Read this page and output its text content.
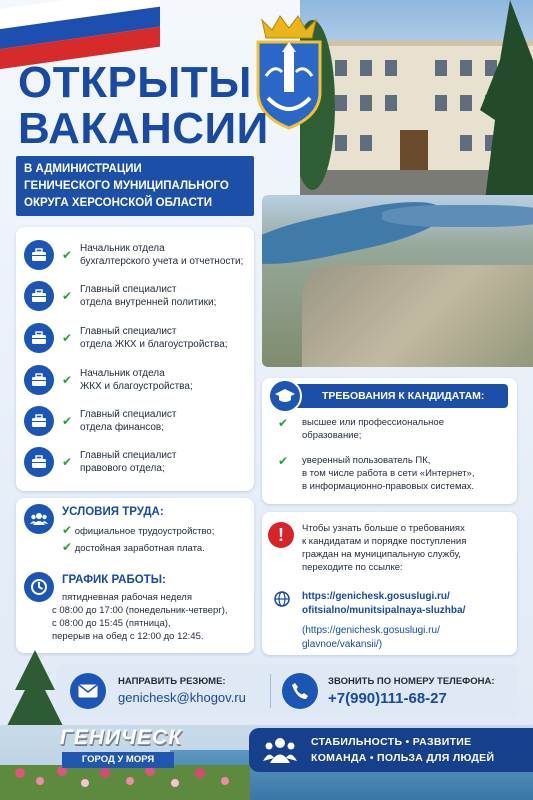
ОТКРЫТЫ
ВАКАНСИИ
В АДМИНИСТРАЦИИ
ГЕНИЧЕСКОГО МУНИЦИПАЛЬНОГО
ОКРУГА ХЕРСОНСКОЙ ОБЛАСТИ
✔ Начальник отдела
бухгалтерского учета и отчетности;
✔ Главный специалист
отдела внутренней политики;
✔ Главный специалист
отдела ЖКХ и благоустройства;
✔ Начальник отдела
ЖКХ и благоустройства;
✔ Главный специалист
отдела финансов;
✔ Главный специалист
правового отдела;
УСЛОВИЯ ТРУДА:
✔ официальное трудоустройство;
✔ достойная заработная плата.
ГРАФИК РАБОТЫ:
пятидневная рабочая неделя
с 08:00 до 17:00 (понедельник-четверг),
с 08:00 до 15:45 (пятница),
перерыв на обед с 12:00 до 12:45.
ТРЕБОВАНИЯ К КАНДИДАТАМ:
✔ высшее или профессиональное
образование;
✔ уверенный пользователь ПК,
в том числе работа в сети «Интернет»,
в информационно-правовых системах.
!	Чтобы узнать больше о требованиях
к кандидатам и порядке поступления
граждан на муниципальную службу,
переходите по ссылке:
https://genichesk.gosuslugi.ru/
ofitsialno/munitsipalnaya-sluzhba/
(https://genichesk.gosuslugi.ru/
glavnoe/vakansii/)
НАПРАВИТЬ РЕЗЮМЕ:
genichesk@khogov.ru
ЗВОНИТЬ ПО НОМЕРУ ТЕЛЕФОНА:
+7(990)111-68-27
ГЕНИЧЕСК
ГОРОД У МОРЯ
СТАБИЛЬНОСТЬ • РАЗВИТИЕ
КОМАНДА • ПОЛЬЗА ДЛЯ ЛЮДЕЙ
